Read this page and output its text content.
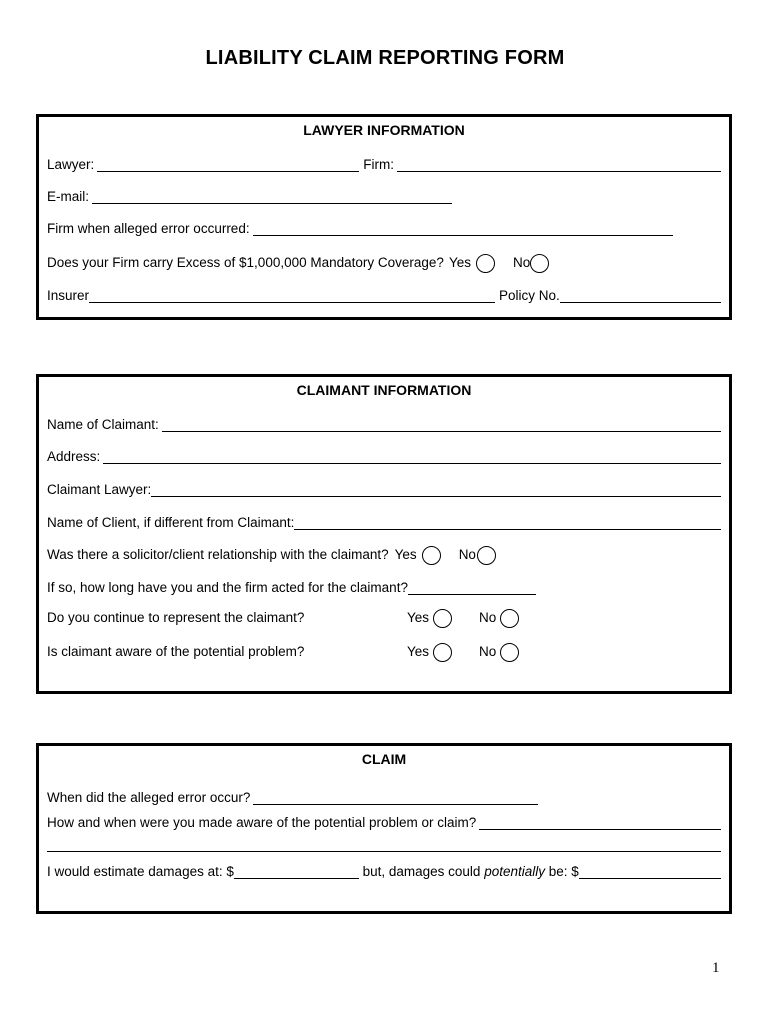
LIABILITY CLAIM REPORTING FORM
LAWYER INFORMATION
Lawyer:	Firm:
E-mail:
Firm when alleged error occurred:
Does your Firm carry Excess of $1,000,000 Mandatory Coverage? Yes	No
Insurer	Policy No.
CLAIMANT INFORMATION
Name of Claimant:
Address:
Claimant Lawyer:
Name of Client, if different from Claimant:
Was there a solicitor/client relationship with the claimant? Yes	No
If so, how long have you and the firm acted for the claimant?
Do you continue to represent the claimant?	Yes	No
Is claimant aware of the potential problem?	Yes	No
CLAIM
When did the alleged error occur?
How and when were you made aware of the potential problem or claim?
I would estimate damages at: $	but, damages could potentially be: $
1
